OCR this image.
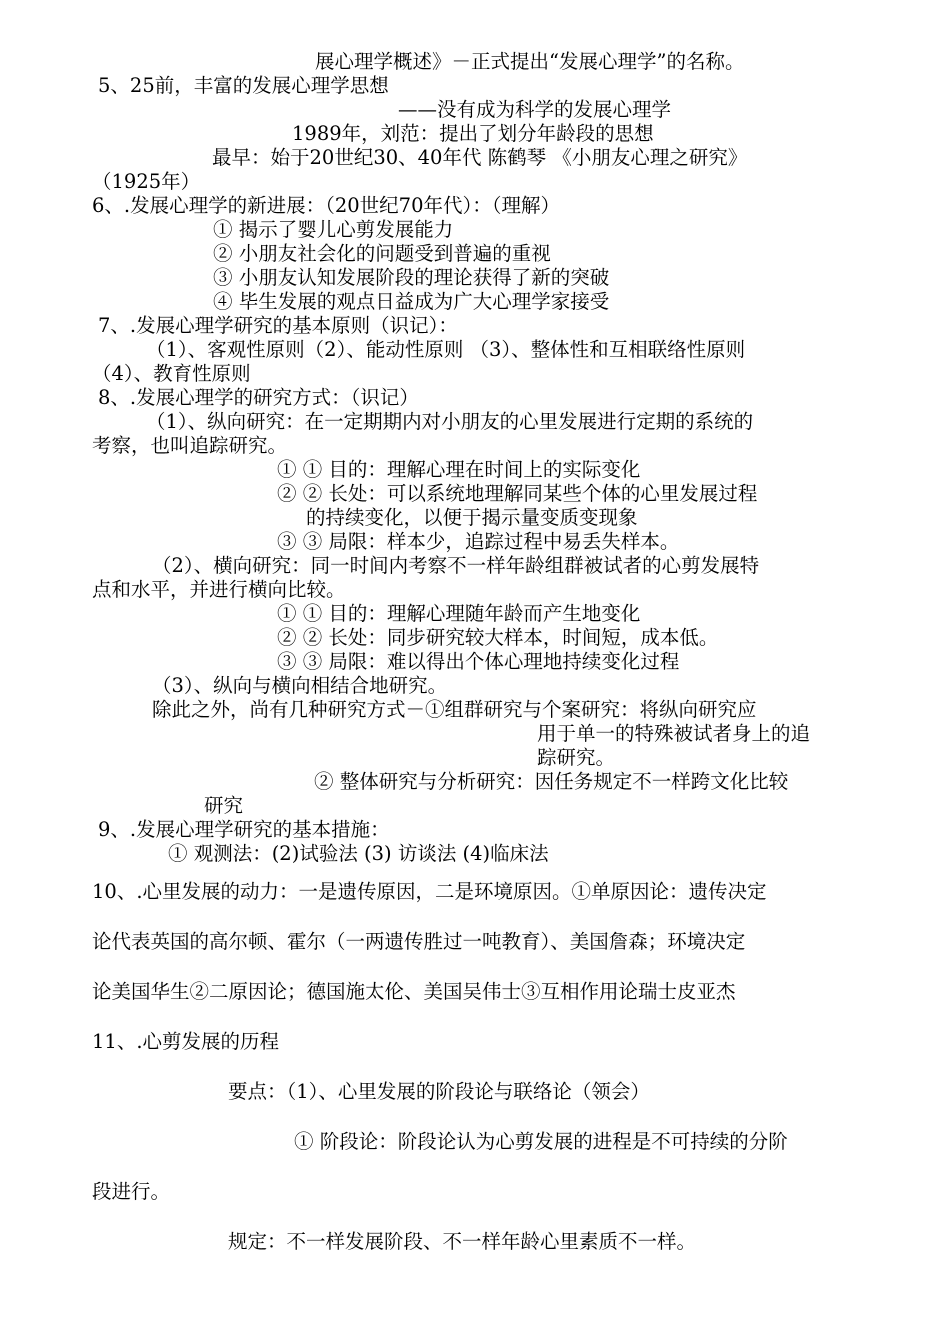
展心理学概述》－正式提出“发展心理学”的名称。
5、25前，丰富的发展心理学思想
——没有成为科学的发展心理学
1989年，刘范：提出了划分年龄段的思想
最早：始于20世纪30、40年代 陈鹤琴 《小朋友心理之研究》
（1925年）
6、.发展心理学的新进展：（20世纪70年代）：（理解）
① 揭示了婴儿心剪发展能力
② 小朋友社会化的问题受到普遍的重视
③ 小朋友认知发展阶段的理论获得了新的突破
④ 毕生发展的观点日益成为广大心理学家接受
7、.发展心理学研究的基本原则（识记）：
（1）、客观性原则（2）、能动性原则 （3）、整体性和互相联络性原则
（4）、教育性原则
8、.发展心理学的研究方式：（识记）
（1）、纵向研究：在一定期期内对小朋友的心里发展进行定期的系统的
考察，也叫追踪研究。
① ① 目的：理解心理在时间上的实际变化
② ② 长处：可以系统地理解同某些个体的心里发展过程
的持续变化，以便于揭示量变质变现象
③ ③ 局限：样本少，追踪过程中易丢失样本。
（2）、横向研究：同一时间内考察不一样年龄组群被试者的心剪发展特
点和水平，并进行横向比较。
① ① 目的：理解心理随年龄而产生地变化
② ② 长处：同步研究较大样本，时间短，成本低。
③ ③ 局限：难以得出个体心理地持续变化过程
（3）、纵向与横向相结合地研究。
除此之外，尚有几种研究方式－①组群研究与个案研究：将纵向研究应
用于单一的特殊被试者身上的追
踪研究。
② 整体研究与分析研究：因任务规定不一样跨文化比较
研究
9、.发展心理学研究的基本措施：
① 观测法：(2)试验法 (3) 访谈法 (4)临床法
10、.心里发展的动力：一是遗传原因，二是环境原因。①单原因论：遗传决定
论代表英国的高尔顿、霍尔（一两遗传胜过一吨教育）、美国詹森；环境决定
论美国华生②二原因论；德国施太伦、美国吴伟士③互相作用论瑞士皮亚杰
11、.心剪发展的历程
要点：（1）、心里发展的阶段论与联络论（领会）
① 阶段论：阶段论认为心剪发展的进程是不可持续的分阶
段进行。
规定：不一样发展阶段、不一样年龄心里素质不一样。
